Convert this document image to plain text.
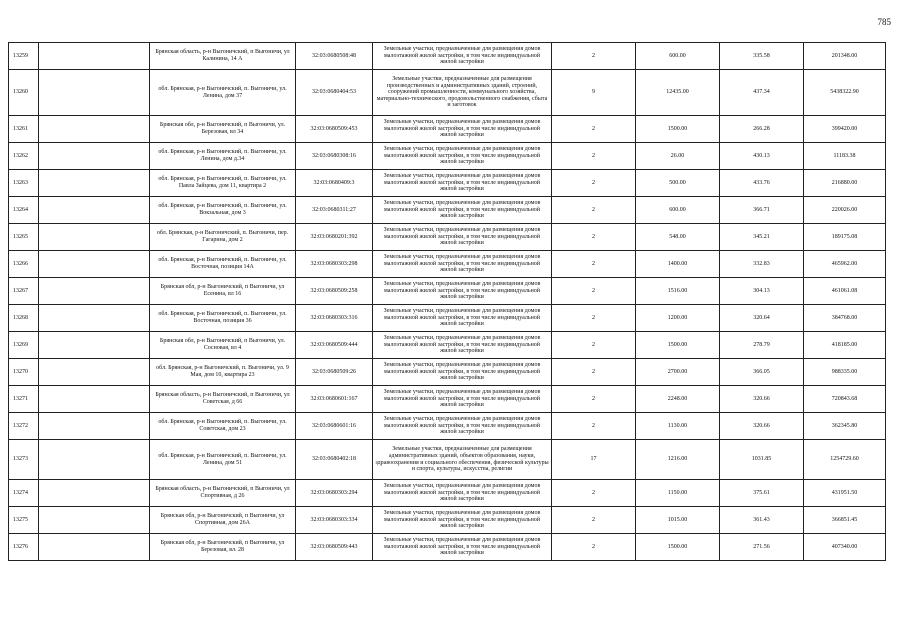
785
13259		Брянская область, р-н Выгоничский, п Выгоничи, ул Калинина, 14 А	32:03:0680508:48	Земельные участки, предназначенные для размещения домов малоэтажной жилой застройки, в том числе индивидуальной жилой застройки	2	600.00	335.58	201348.00
13260		обл. Брянская, р-н Выгоничский, п. Выгоничи, ул. Ленина, дом 37	32:03:0680404:53	Земельные участки, предназначенные для размещения производственных и административных зданий, строений, сооружений промышленности, коммунального хозяйства, материально-технического, продовольственного снабжения, сбыта и заготовок	9	12435.00	437.34	5438322.90
13261		Брянская обл, р-н Выгоничский, п Выгоничи, ул. Березовая, вл 34	32:03:0680509:453	Земельные участки, предназначенные для размещения домов малоэтажной жилой застройки, в том числе индивидуальной жилой застройки	2	1500.00	266.28	399420.00
13262		обл. Брянская, р-н Выгоничский, п. Выгоничи, ул. Ленина, дом д.34	32:03:0680308:16	Земельные участки, предназначенные для размещения домов малоэтажной жилой застройки, в том числе индивидуальной жилой застройки	2	26.00	430.13	11183.38
13263		обл. Брянская, р-н Выгоничский, п. Выгоничи, ул. Павла Зайцева, дом 11, квартира 2	32:03:0680409:3	Земельные участки, предназначенные для размещения домов малоэтажной жилой застройки, в том числе индивидуальной жилой застройки	2	500.00	433.76	216880.00
13264		обл. Брянская, р-н Выгоничский, п. Выгоничи, ул. Вокзальная, дом 3	32:03:0680311:27	Земельные участки, предназначенные для размещения домов малоэтажной жилой застройки, в том числе индивидуальной жилой застройки	2	600.00	366.71	220026.00
13265		обл. Брянская, р-н Выгоничский, п. Выгоничи, пер. Гагарина, дом 2	32:03:0680201:392	Земельные участки, предназначенные для размещения домов малоэтажной жилой застройки, в том числе индивидуальной жилой застройки	2	548.00	345.21	189175.08
13266		обл. Брянская, р-н Выгоничский, п. Выгоничи, ул. Восточная, позиция 14А	32:03:0680303:298	Земельные участки, предназначенные для размещения домов малоэтажной жилой застройки, в том числе индивидуальной жилой застройки	2	1400.00	332.83	465962.00
13267		Брянская обл, р-н Выгоничский, п Выгоничи, ул Есенина, вл 16	32:03:0680509:258	Земельные участки, предназначенные для размещения домов малоэтажной жилой застройки, в том числе индивидуальной жилой застройки	2	1516.00	304.13	461061.08
13268		обл. Брянская, р-н Выгоничский, п. Выгоничи, ул. Восточная, позиция 36	32:03:0680303:316	Земельные участки, предназначенные для размещения домов малоэтажной жилой застройки, в том числе индивидуальной жилой застройки	2	1200.00	320.64	384768.00
13269		Брянская обл, р-н Выгоничский, п Выгоничи, ул. Сосновая, вл 4	32:03:0680509:444	Земельные участки, предназначенные для размещения домов малоэтажной жилой застройки, в том числе индивидуальной жилой застройки	2	1500.00	278.79	418185.00
13270		обл. Брянская, р-н Выгоничский, п. Выгоничи, ул. 9 Мая, дом 10, квартира 23	32:03:0680509:26	Земельные участки, предназначенные для размещения домов малоэтажной жилой застройки, в том числе индивидуальной жилой застройки	2	2700.00	366.05	988335.00
13271		Брянская область, р-н Выгоничский, п Выгоничи, ул Советская, д 66	32:03:0680601:167	Земельные участки, предназначенные для размещения домов малоэтажной жилой застройки, в том числе индивидуальной жилой застройки	2	2248.00	320.66	720843.68
13272		обл. Брянская, р-н Выгоничский, п. Выгоничи, ул. Советская, дом 23	32:03:0680601:16	Земельные участки, предназначенные для размещения домов малоэтажной жилой застройки, в том числе индивидуальной жилой застройки	2	1130.00	320.66	362345.80
13273		обл. Брянская, р-н Выгоничский, п. Выгоничи, ул. Ленина, дом 51	32:03:0680402:18	Земельные участки, предназначенные для размещения административных зданий, объектов образования, науки, здравоохранения и социального обеспечения, физической культуры и спорта, культуры, искусства, религии	17	1216.00	1031.85	1254729.60
13274		Брянская область, р-н Выгоничский, п Выгоничи, ул Спортивная, д 26	32:03:0680303:294	Земельные участки, предназначенные для размещения домов малоэтажной жилой застройки, в том числе индивидуальной жилой застройки	2	1150.00	375.61	431951.50
13275		Брянская обл, р-н Выгоничский, п Выгоничи, ул Спортивная, дом 26А	32:03:0680303:334	Земельные участки, предназначенные для размещения домов малоэтажной жилой застройки, в том числе индивидуальной жилой застройки	2	1015.00	361.43	366851.45
13276		Брянская обл, р-н Выгоничский, п Выгоничи, ул Березовая, вл. 28	32:03:0680509:443	Земельные участки, предназначенные для размещения домов малоэтажной жилой застройки, в том числе индивидуальной жилой застройки	2	1500.00	271.56	407340.00
